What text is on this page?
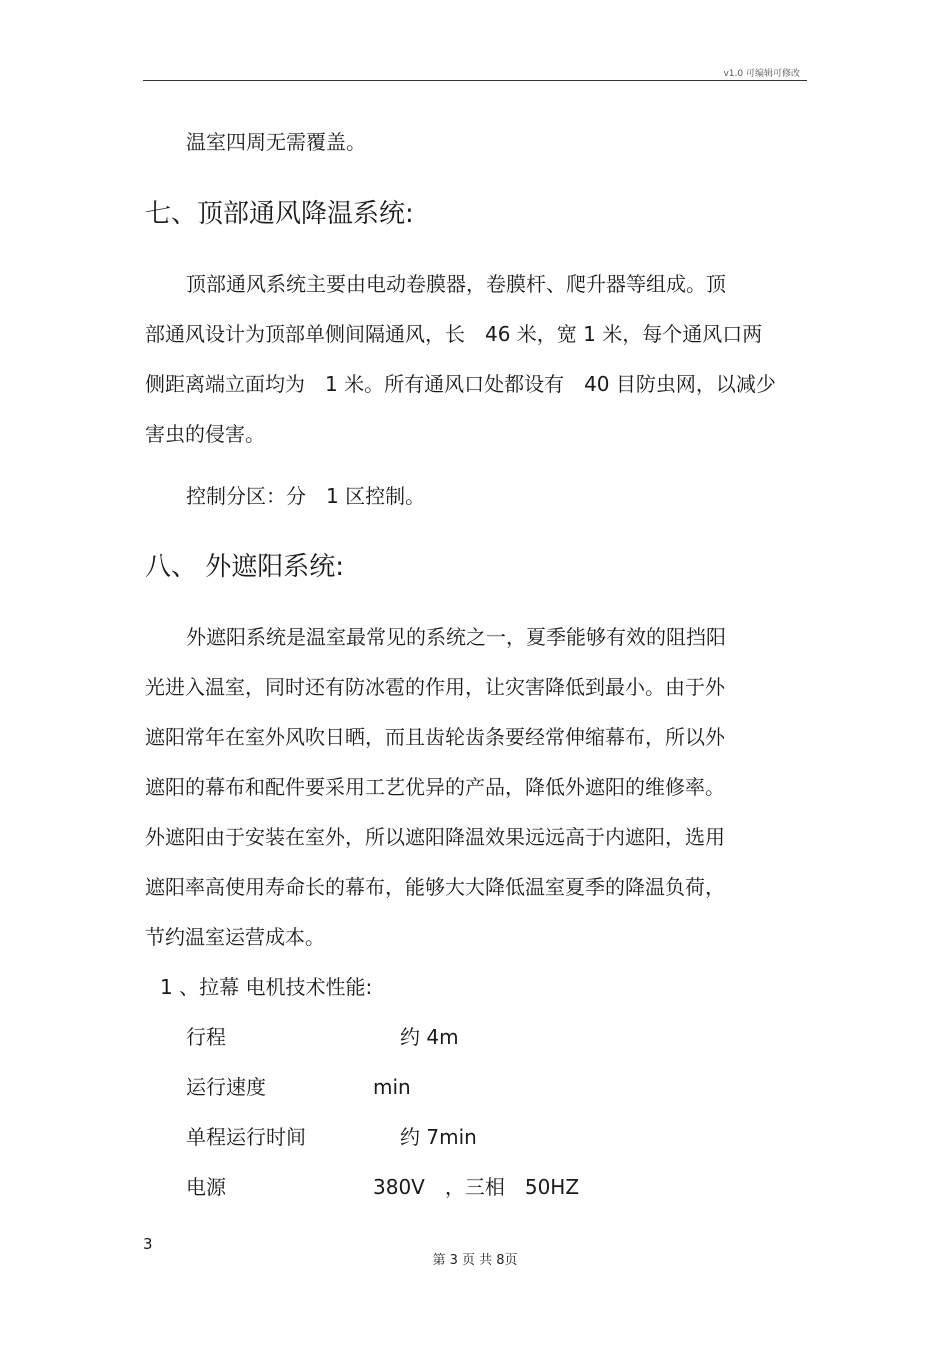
v1.0 可编辑可修改
温室四周无需覆盖。
七、顶部通风降温系统:
顶部通风系统主要由电动卷膜器，卷膜杆、爬升器等组成。顶
部通风设计为顶部单侧间隔通风，长　46 米，宽 1 米，每个通风口两
侧距离端立面均为　1 米。所有通风口处都设有　40 目防虫网，以减少
害虫的侵害。
控制分区：分　1 区控制。
八、 外遮阳系统:
外遮阳系统是温室最常见的系统之一，夏季能够有效的阻挡阳
光进入温室，同时还有防冰雹的作用，让灾害降低到最小。由于外
遮阳常年在室外风吹日晒，而且齿轮齿条要经常伸缩幕布，所以外
遮阳的幕布和配件要采用工艺优异的产品，降低外遮阳的维修率。
外遮阳由于安装在室外，所以遮阳降温效果远远高于内遮阳，选用
遮阳率高使用寿命长的幕布，能够大大降低温室夏季的降温负荷，
节约温室运营成本。
1 、拉幕 电机技术性能:
行程	约 4m
运行速度	min
单程运行时间	约 7min
电源	380V　，三相　50HZ
3
第 3 页 共 8页
